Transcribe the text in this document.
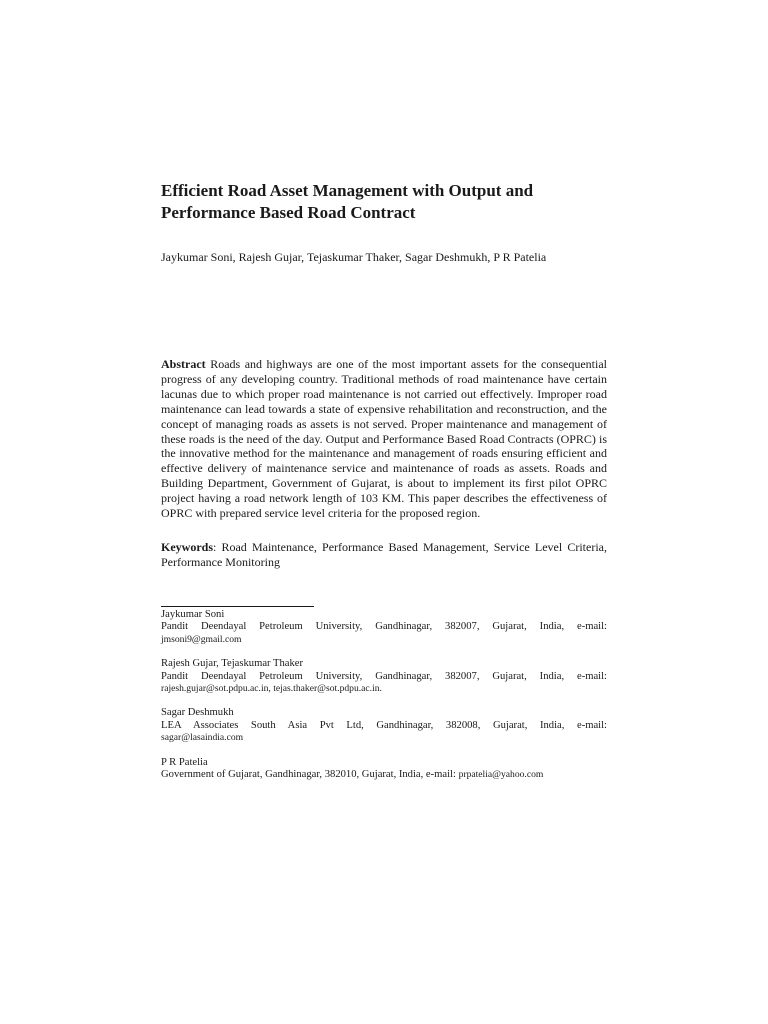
Efficient Road Asset Management with Output and
Performance Based Road Contract
Jaykumar Soni, Rajesh Gujar, Tejaskumar Thaker, Sagar Deshmukh, P R Patelia
Abstract Roads and highways are one of the most important assets for the consequential progress of any developing country. Traditional methods of road maintenance have certain lacunas due to which proper road maintenance is not carried out effectively. Improper road maintenance can lead towards a state of expensive rehabilitation and reconstruction, and the concept of managing roads as assets is not served. Proper maintenance and management of these roads is the need of the day. Output and Performance Based Road Contracts (OPRC) is the innovative method for the maintenance and management of roads ensuring efficient and effective delivery of maintenance service and maintenance of roads as assets. Roads and Building Department, Government of Gujarat, is about to implement its first pilot OPRC project having a road network length of 103 KM. This paper describes the effectiveness of OPRC with prepared service level criteria for the proposed region.
Keywords: Road Maintenance, Performance Based Management, Service Level Criteria, Performance Monitoring
Jaykumar Soni
Pandit Deendayal Petroleum University, Gandhinagar, 382007, Gujarat, India, e-mail:
jmsoni9@gmail.com
Rajesh Gujar, Tejaskumar Thaker
Pandit Deendayal Petroleum University, Gandhinagar, 382007, Gujarat, India, e-mail:
rajesh.gujar@sot.pdpu.ac.in, tejas.thaker@sot.pdpu.ac.in.
Sagar Deshmukh
LEA Associates South Asia Pvt Ltd, Gandhinagar, 382008, Gujarat, India, e-mail:
sagar@lasaindia.com
P R Patelia
Government of Gujarat, Gandhinagar, 382010, Gujarat, India, e-mail: prpatelia@yahoo.com
